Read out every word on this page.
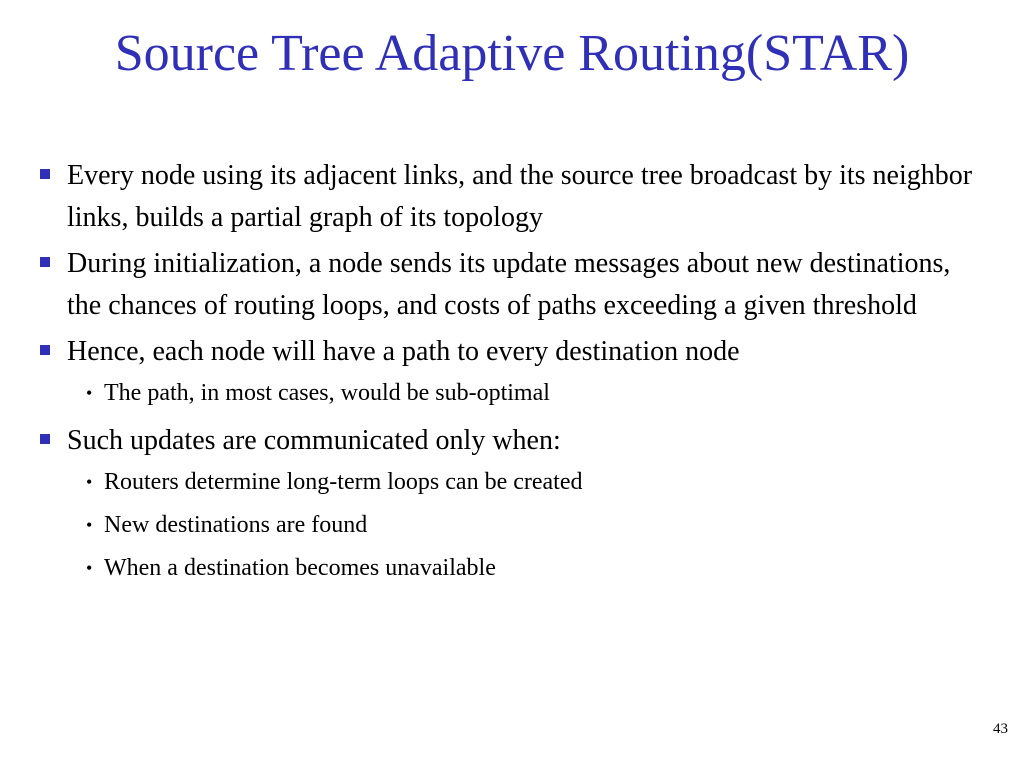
Source Tree Adaptive Routing(STAR)
Every node using its adjacent links, and the source tree broadcast by its neighbor links, builds a partial graph of its topology
During initialization, a node sends its update messages about new destinations, the chances of routing loops, and costs of paths exceeding a given threshold
Hence, each node will have a path to every destination node
• The path, in most cases, would be sub-optimal
Such updates are communicated only when:
• Routers determine long-term loops can be created
• New destinations are found
• When a destination becomes unavailable
43
